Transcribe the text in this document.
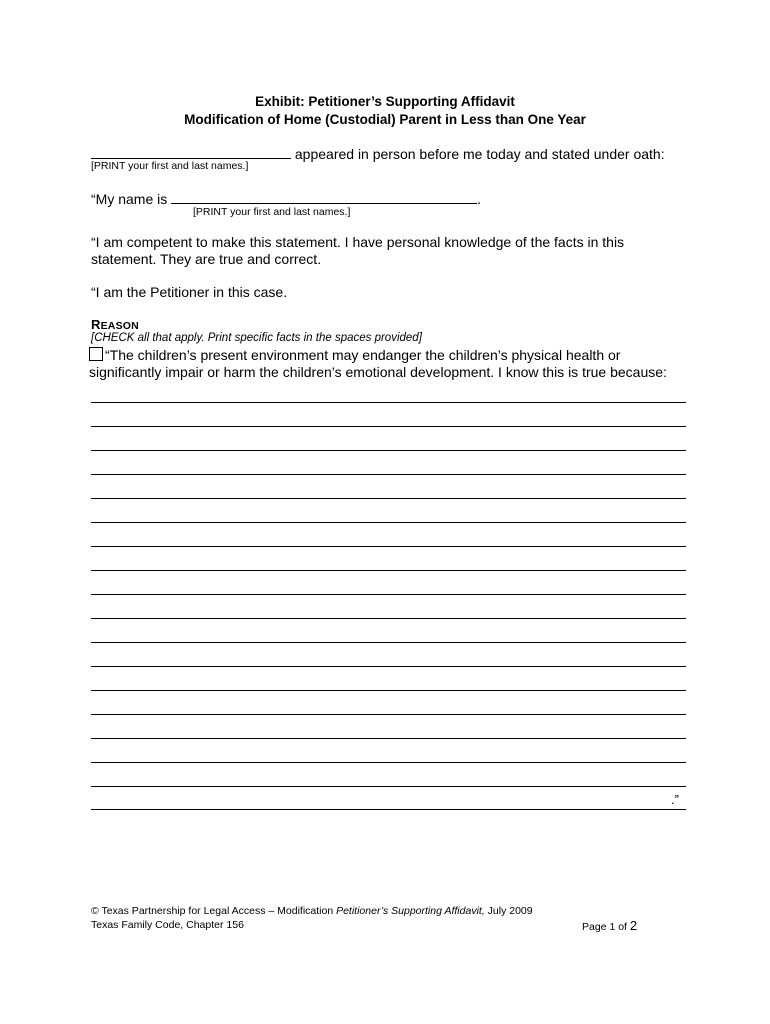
Exhibit: Petitioner’s Supporting Affidavit
Modification of Home (Custodial) Parent in Less than One Year
appeared in person before me today and stated under oath:
[PRINT your first and last names.]
“My name is	.
[PRINT your first and last names.]
“I am competent to make this statement. I have personal knowledge of the facts in this statement. They are true and correct.
“I am the Petitioner in this case.
REASON
[CHECK all that apply. Print specific facts in the spaces provided]
“The children’s present environment may endanger the children’s physical health or significantly impair or harm the children’s emotional development. I know this is true because:
.”
© Texas Partnership for Legal Access – Modification Petitioner’s Supporting Affidavit, July 2009
Texas Family Code, Chapter 156	Page 1 of 2
